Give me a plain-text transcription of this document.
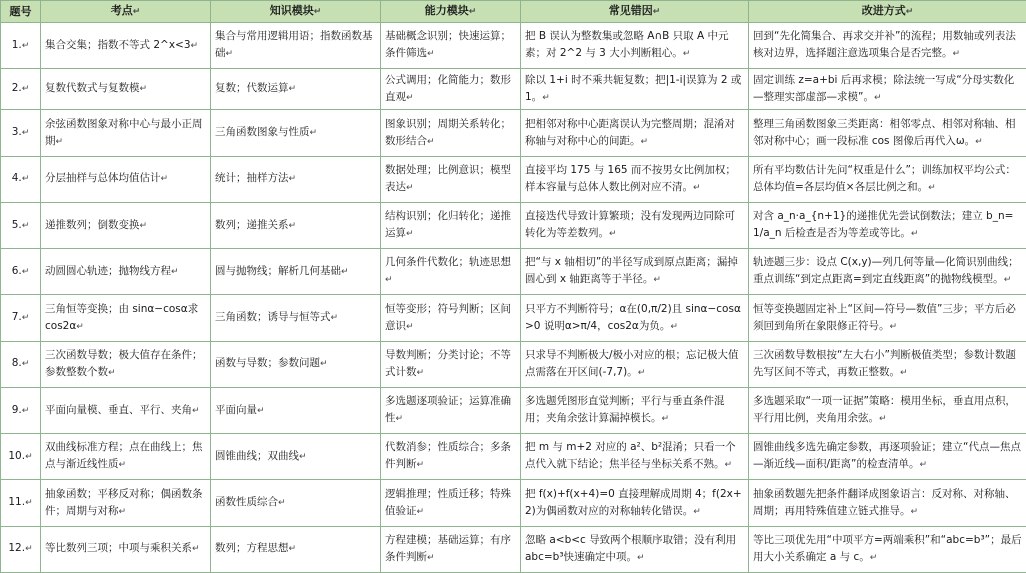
题号	考点↵	知识模块↵	能力模块↵	常见错因↵	改进方式↵
1.↵	集合交集；指数不等式 2^x<3↵	集合与常用逻辑用语；指数函数基础↵	基础概念识别；快速运算；条件筛选↵	把 B 误认为整数集或忽略 A∩B 只取 A 中元素；对 2^2 与 3 大小判断粗心。↵	回到“先化简集合、再求交并补”的流程；用数轴或列表法核对边界，选择题注意选项集合是否完整。↵
2.↵	复数代数式与复数模↵	复数；代数运算↵	公式调用；化简能力；数形直观↵	除以 1+i 时不乘共轭复数；把|1-i|误算为 2 或 1。↵	固定训练 z=a+bi 后再求模；除法统一写成“分母实数化—整理实部虚部—求模”。↵
3.↵	余弦函数图象对称中心与最小正周期↵	三角函数图象与性质↵	图象识别；周期关系转化；数形结合↵	把相邻对称中心距离误认为完整周期；混淆对称轴与对称中心的间距。↵	整理三角函数图象三类距离：相邻零点、相邻对称轴、相邻对称中心；画一段标准 cos 图像后再代入ω。↵
4.↵	分层抽样与总体均值估计↵	统计；抽样方法↵	数据处理；比例意识；模型表达↵	直接平均 175 与 165 而不按男女比例加权；样本容量与总体人数比例对应不清。↵	所有平均数估计先问“权重是什么”；训练加权平均公式：总体均值=各层均值×各层比例之和。↵
5.↵	递推数列；倒数变换↵	数列；递推关系↵	结构识别；化归转化；递推运算↵	直接迭代导致计算繁琐；没有发现两边同除可转化为等差数列。↵	对含 a_n·a_{n+1}的递推优先尝试倒数法；建立 b_n=1/a_n 后检查是否为等差或等比。↵
6.↵	动圆圆心轨迹；抛物线方程↵	圆与抛物线；解析几何基础↵	几何条件代数化；轨迹思想↵	把“与 x 轴相切”的半径写成到原点距离；漏掉圆心到 x 轴距离等于半径。↵	轨迹题三步：设点 C(x,y)—列几何等量—化简识别曲线；重点训练“到定点距离=到定直线距离”的抛物线模型。↵
7.↵	三角恒等变换；由 sinα−cosα求 cos2α↵	三角函数；诱导与恒等式↵	恒等变形；符号判断；区间意识↵	只平方不判断符号；α在(0,π/2)且 sinα−cosα>0 说明α>π/4，cos2α为负。↵	恒等变换题固定补上“区间—符号—数值”三步；平方后必须回到角所在象限修正符号。↵
8.↵	三次函数导数；极大值存在条件；参数整数个数↵	函数与导数；参数问题↵	导数判断；分类讨论；不等式计数↵	只求导不判断极大/极小对应的根；忘记极大值点需落在开区间(-7,7)。↵	三次函数导数根按“左大右小”判断极值类型；参数计数题先写区间不等式，再数正整数。↵
9.↵	平面向量模、垂直、平行、夹角↵	平面向量↵	多选题逐项验证；运算准确性↵	多选题凭图形直觉判断；平行与垂直条件混用；夹角余弦计算漏掉模长。↵	多选题采取“一项一证据”策略：模用坐标，垂直用点积，平行用比例，夹角用余弦。↵
10.↵	双曲线标准方程；点在曲线上；焦点与渐近线性质↵	圆锥曲线；双曲线↵	代数消参；性质综合；多条件判断↵	把 m 与 m+2 对应的 a²、b²混淆；只看一个点代入就下结论；焦半径与坐标关系不熟。↵	圆锥曲线多选先确定参数，再逐项验证；建立“代点—焦点—渐近线—面积/距离”的检查清单。↵
11.↵	抽象函数；平移反对称；偶函数条件；周期与对称↵	函数性质综合↵	逻辑推理；性质迁移；特殊值验证↵	把 f(x)+f(x+4)=0 直接理解成周期 4；f(2x+2)为偶函数对应的对称轴转化错误。↵	抽象函数题先把条件翻译成图象语言：反对称、对称轴、周期；再用特殊值建立链式推导。↵
12.↵	等比数列三项；中项与乘积关系↵	数列；方程思想↵	方程建模；基础运算；有序条件判断↵	忽略 a<b<c 导致两个根顺序取错；没有利用 abc=b³快速确定中项。↵	等比三项优先用“中项平方=两端乘积”和“abc=b³”；最后用大小关系确定 a 与 c。↵
